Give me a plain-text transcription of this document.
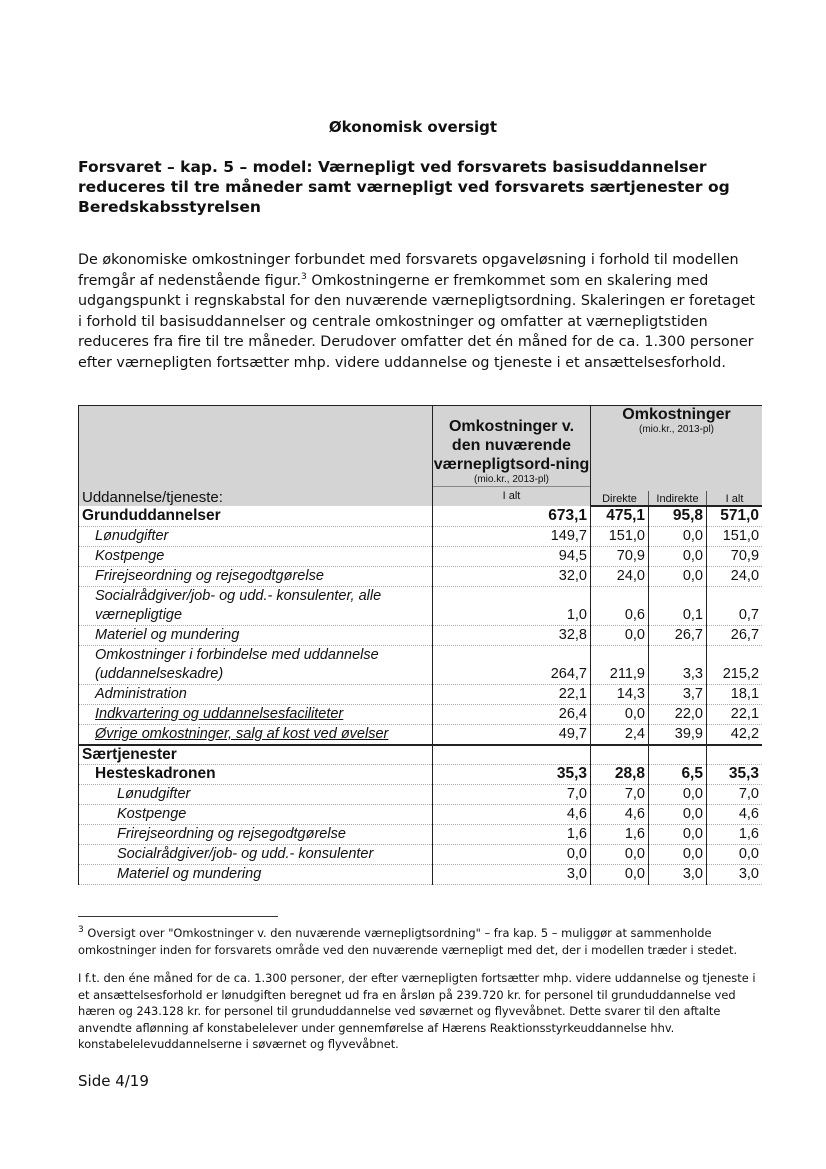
Økonomisk oversigt
Forsvaret – kap. 5 – model: Værnepligt ved forsvarets basisuddannelser reduceres til tre måneder samt værnepligt ved forsvarets særtjenester og Beredskabsstyrelsen

De økonomiske omkostninger forbundet med forsvarets opgaveløsning i forhold til modellen fremgår af nedenstående figur.$^3$ Omkostningerne er fremkommet som en skalering med udgangspunkt i regnskabstal for den nuværende værnepligtsordning. Skaleringen er foretaget i forhold til basisuddannelser og centrale omkostninger og omfatter at værnepligtstiden reduceres fra fire til tre måneder. Derudover omfatter det én måned for de ca. 1.300 personer efter værnepligten fortsætter mhp. videre uddannelse og tjeneste i et ansættelsesforhold.

Uddannelse/tjeneste:	Omkostninger v. den nuværende værnepligtsord-ning
(mio.kr., 2013-pl)
I alt	Omkostninger
(mio.kr., 2013-pl)		

		Direkte	Indirekte	I alt
Grunduddannelser	673,1	475,1	95,8	571,0
Lønudgifter	149,7	151,0	0,0	151,0
Kostpenge	94,5	70,9	0,0	70,9
Frirejseordning og rejsegodtgørelse	32,0	24,0	0,0	24,0
Socialrådgiver/job- og udd.- konsulenter, alle værnepligtige	1,0	0,6	0,1	0,7
Materiel og mundering	32,8	0,0	26,7	26,7
Omkostninger i forbindelse med uddannelse (uddannelseskadre)	264,7	211,9	3,3	215,2
Administration	22,1	14,3	3,7	18,1
Indkvartering og uddannelsesfaciliteter	26,4	0,0	22,0	22,1
Øvrige omkostninger, salg af kost ved øvelser	49,7	2,4	39,9	42,2
Særtjenester				
Hesteskadronen	35,3	28,8	6,5	35,3
Lønudgifter	7,0	7,0	0,0	7,0
Kostpenge	4,6	4,6	0,0	4,6
Frirejseordning og rejsegodtgørelse	1,6	1,6	0,0	1,6
Socialrådgiver/job- og udd.- konsulenter	0,0	0,0	0,0	0,0
Materiel og mundering	3,0	0,0	3,0	3,0

$^3$ Oversigt over "Omkostninger v. den nuværende værnepligtsordning" – fra kap. 5 – muliggør at sammenholde omkostninger inden for forsvarets område ved den nuværende værnepligt med det, der i modellen træder i stedet.

I f.t. den éne måned for de ca. 1.300 personer, der efter værnepligten fortsætter mhp. videre uddannelse og tjeneste i et ansættelsesforhold er lønudgiften beregnet ud fra en årsløn på 239.720 kr. for personel til grunduddannelse ved hæren og 243.128 kr. for personel til grunduddannelse ved søværnet og flyvevåbnet. Dette svarer til den aftalte anvendte aflønning af konstabelelever under gennemførelse af Hærens Reaktionsstyrkeuddannelse hhv. konstabelelevuddannelserne i søværnet og flyvevåbnet.

Side 4/19
